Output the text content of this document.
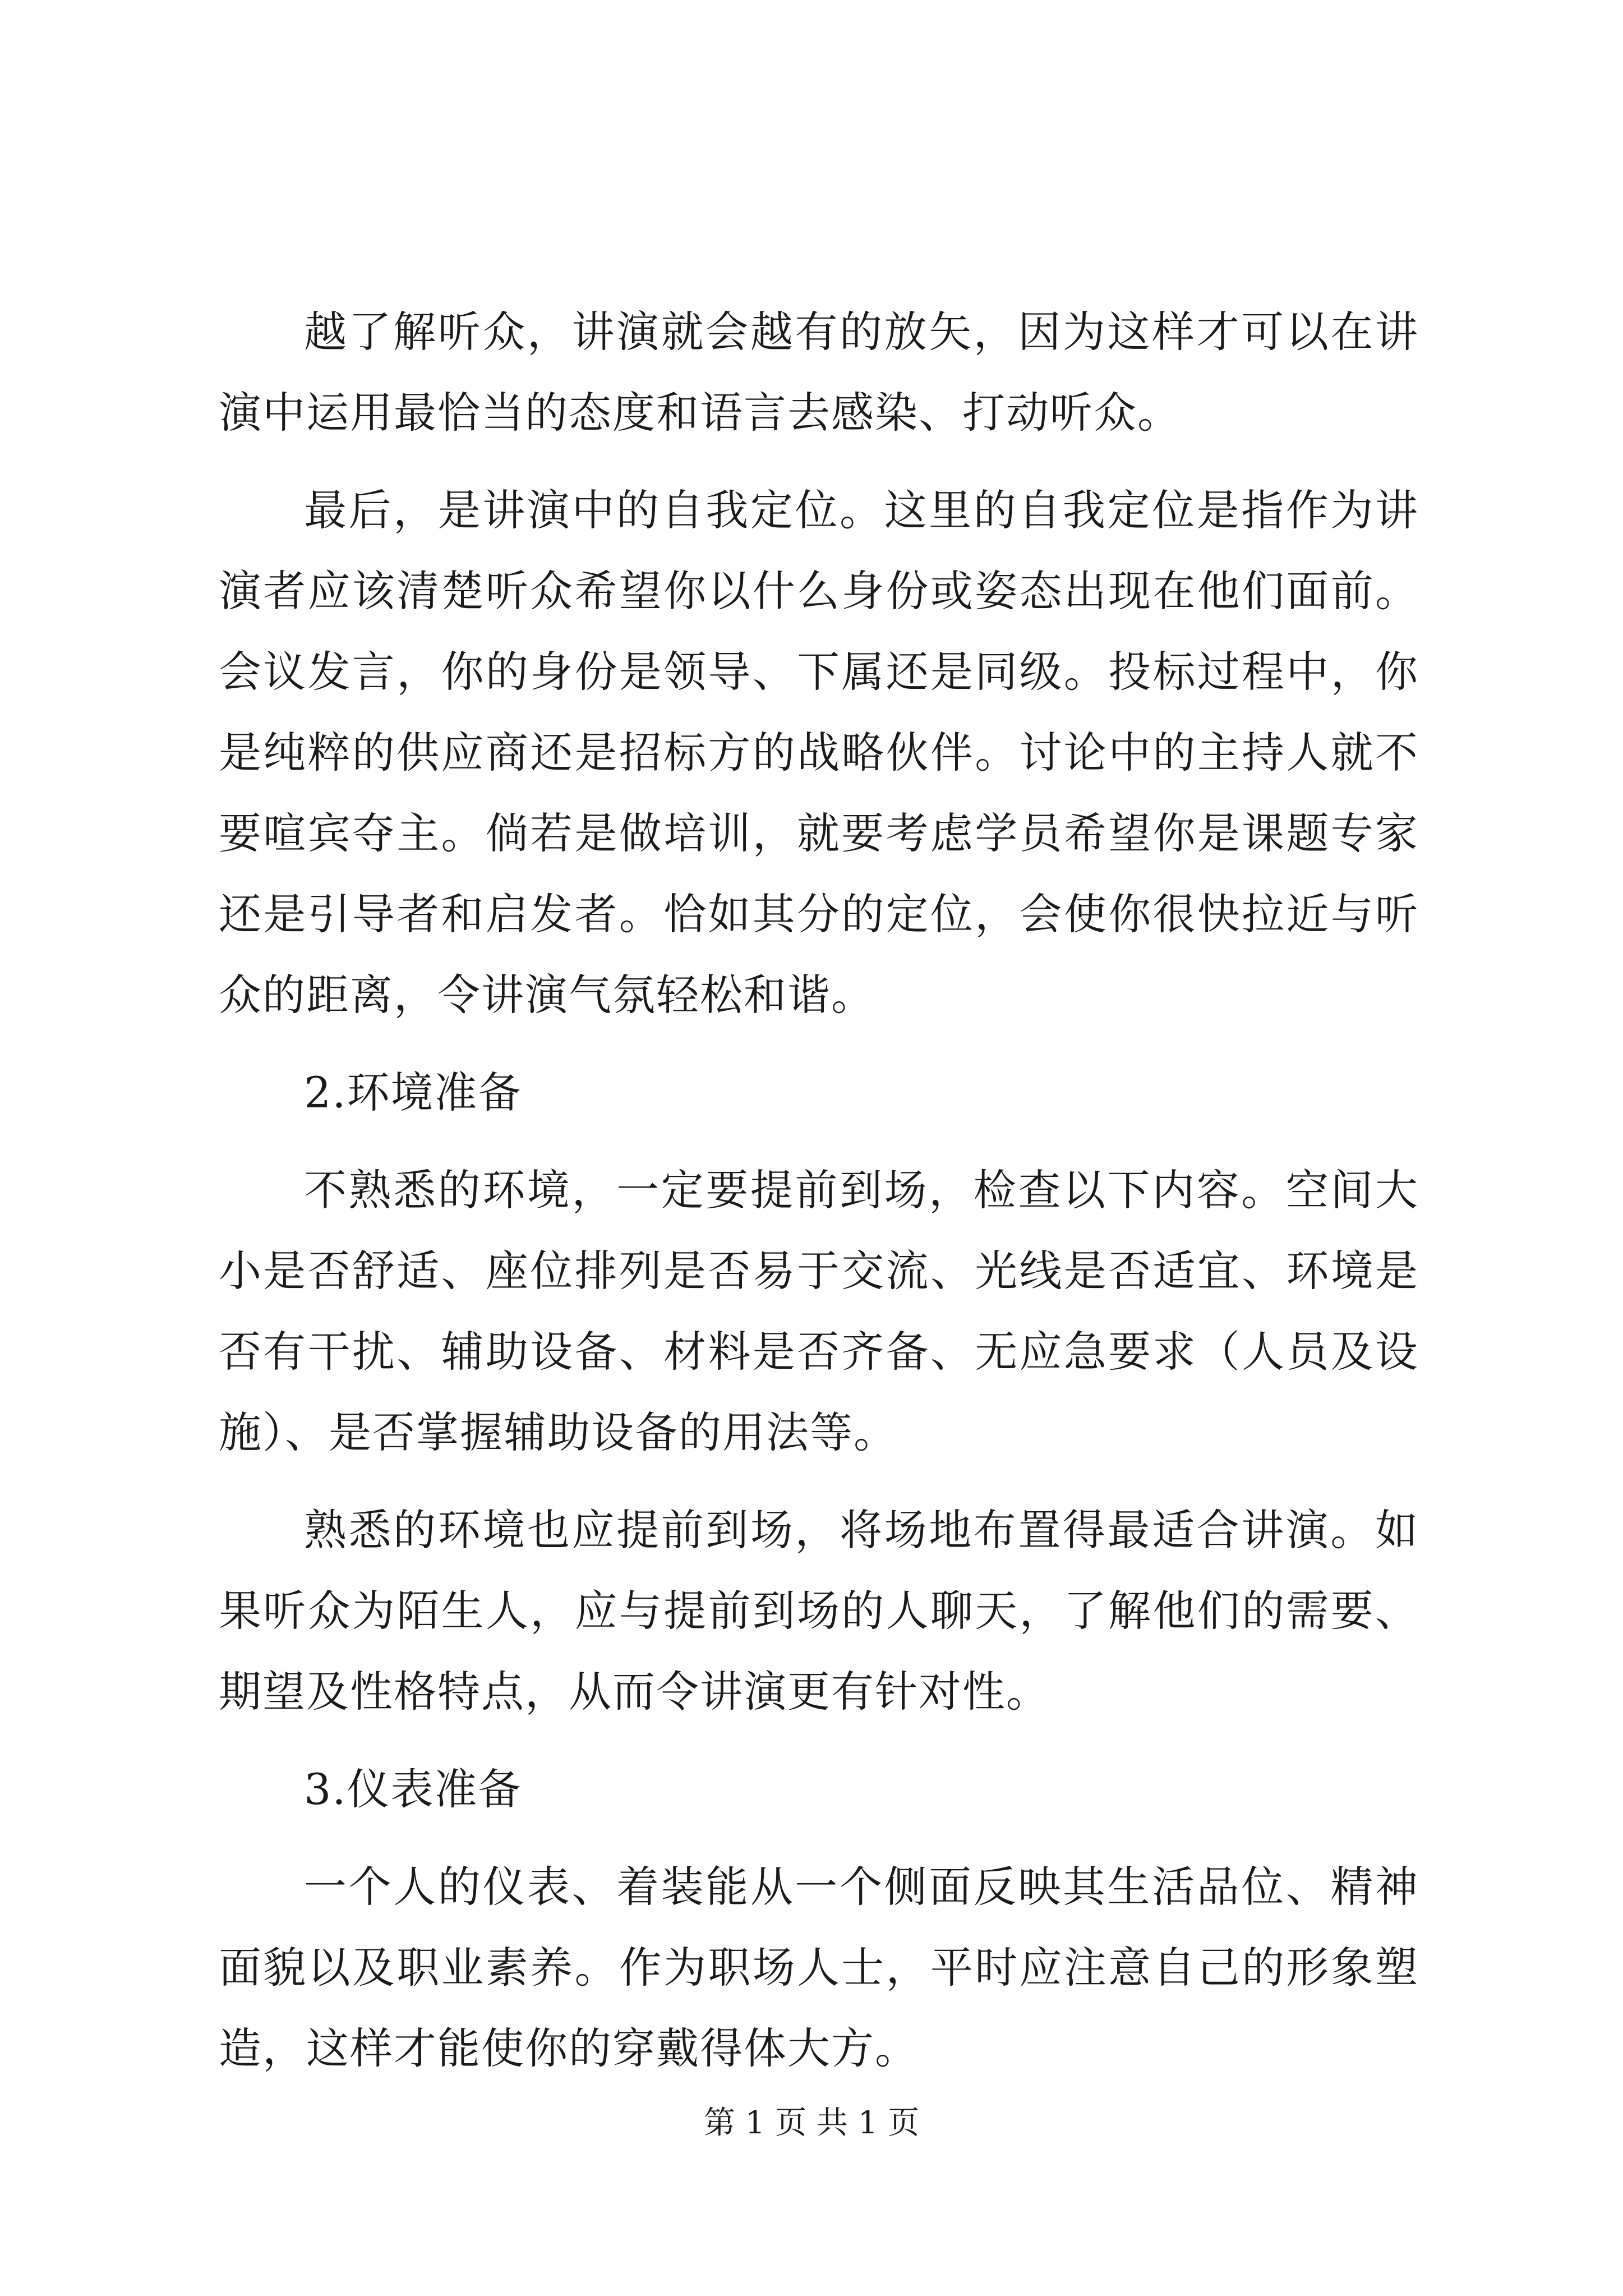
越了解听众，讲演就会越有的放矢，因为这样才可以在讲演中运用最恰当的态度和语言去感染、打动听众。

最后，是讲演中的自我定位。这里的自我定位是指作为讲演者应该清楚听众希望你以什么身份或姿态出现在他们面前。会议发言，你的身份是领导、下属还是同级。投标过程中，你是纯粹的供应商还是招标方的战略伙伴。讨论中的主持人就不要喧宾夺主。倘若是做培训，就要考虑学员希望你是课题专家还是引导者和启发者。恰如其分的定位，会使你很快拉近与听众的距离，令讲演气氛轻松和谐。

2.环境准备

不熟悉的环境，一定要提前到场，检查以下内容。空间大小是否舒适、座位排列是否易于交流、光线是否适宜、环境是否有干扰、辅助设备、材料是否齐备、无应急要求（人员及设施）、是否掌握辅助设备的用法等。

熟悉的环境也应提前到场，将场地布置得最适合讲演。如果听众为陌生人，应与提前到场的人聊天，了解他们的需要、期望及性格特点，从而令讲演更有针对性。

3.仪表准备

一个人的仪表、着装能从一个侧面反映其生活品位、精神面貌以及职业素养。作为职场人士，平时应注意自己的形象塑造，这样才能使你的穿戴得体大方。

第 1 页 共 1 页
